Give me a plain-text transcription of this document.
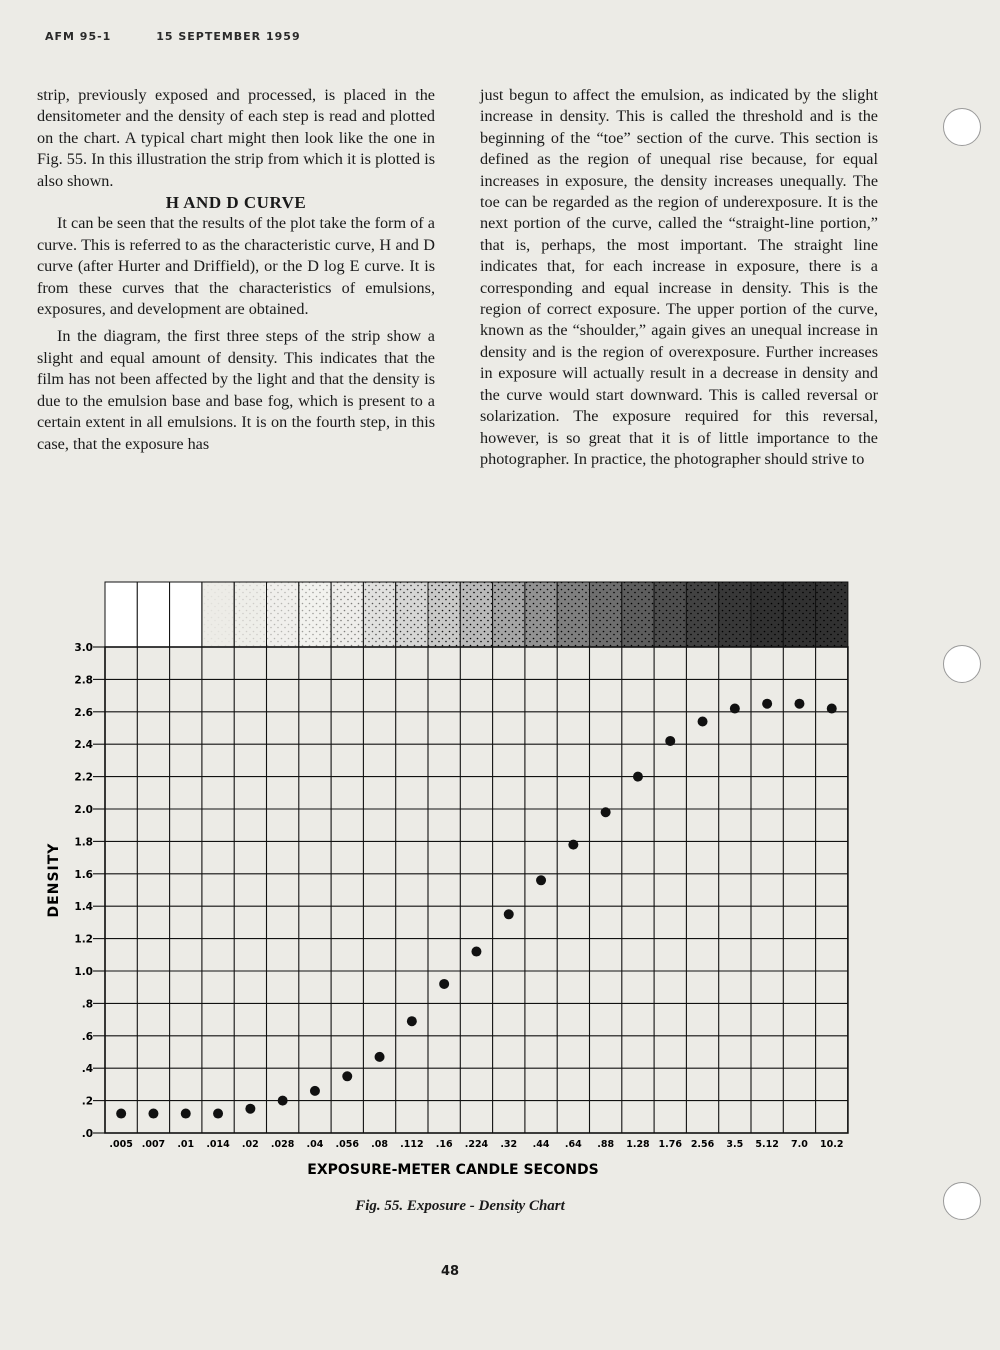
AFM 95-1	15 SEPTEMBER 1959

strip, previously exposed and processed, is placed in the densitometer and the density of each step is read and plotted on the chart. A typical chart might then look like the one in Fig. 55. In this illustration the strip from which it is plotted is also shown.

H AND D CURVE

It can be seen that the results of the plot take the form of a curve. This is referred to as the characteristic curve, H and D curve (after Hurter and Driffield), or the D log E curve. It is from these curves that the characteristics of emulsions, exposures, and development are obtained.

In the diagram, the first three steps of the strip show a slight and equal amount of density. This indicates that the film has not been affected by the light and that the density is due to the emulsion base and base fog, which is present to a certain extent in all emulsions. It is on the fourth step, in this case, that the exposure has

just begun to affect the emulsion, as indicated by the slight increase in density. This is called the threshold and is the beginning of the “toe” section of the curve. This section is defined as the region of unequal rise because, for equal increases in exposure, the density increases unequally. The toe can be regarded as the region of underexposure. It is the next portion of the curve, called the “straight-line portion,” that is, perhaps, the most important. The straight line indicates that, for each increase in exposure, there is a corresponding and equal increase in density. This is the region of correct exposure. The upper portion of the curve, known as the “shoulder,” again gives an unequal increase in density and is the region of overexposure. Further increases in exposure will actually result in a decrease in density and the curve would start downward. This is called reversal or solarization. The exposure required for this reversal, however, is so great that it is of little importance to the photographer. In practice, the photographer should strive to

.0
.2
.4
.6
.8
1.0
1.2
1.4
1.6
1.8
2.0
2.2
2.4
2.6
2.8
3.0
.005 .007 .01 .014 .02 .028 .04 .056 .08 .112 .16 .224 .32 .44 .64 .88 1.28 1.76 2.56 3.5 5.12 7.0 10.2
DENSITY
EXPOSURE-METER CANDLE SECONDS
Fig. 55. Exposure - Density Chart
48
